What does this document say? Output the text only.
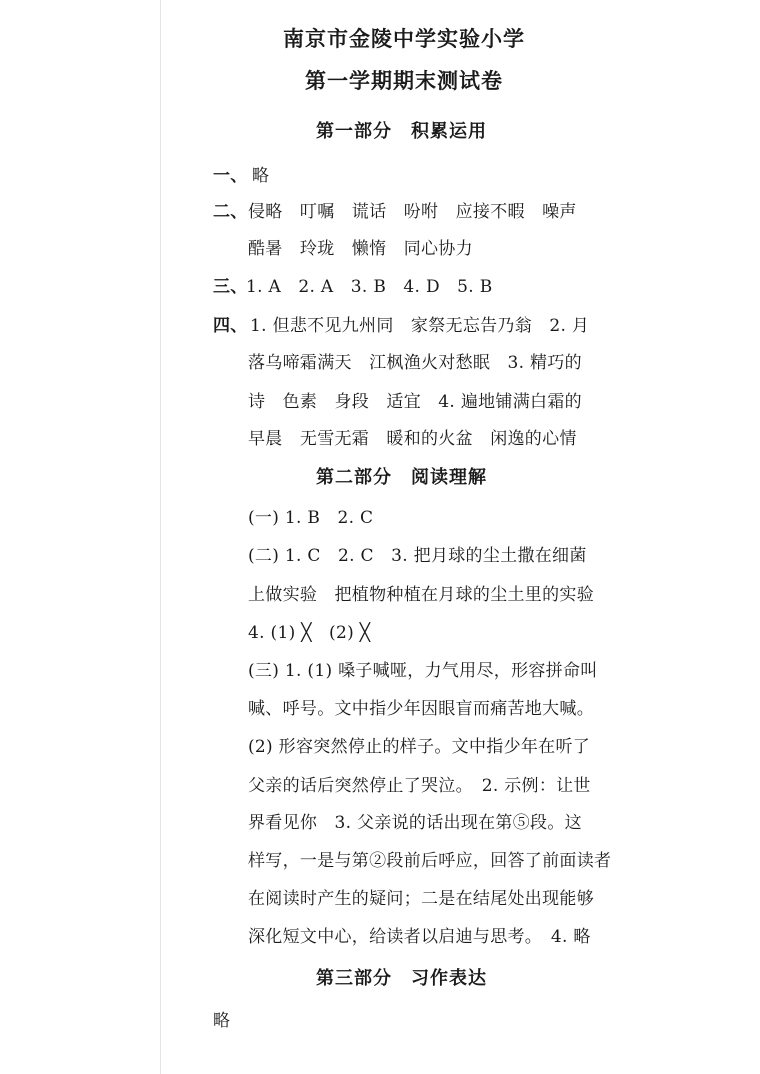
南京市金陵中学实验小学
第一学期期末测试卷
第一部分　积累运用
一、 略
二、 侵略　叮嘱　谎话　吩咐　应接不暇　噪声
酷暑　玲珑　懒惰　同心协力
三、
1. A　2. A　3. B　4. D　5. B
四、 1. 但悲不见九州同　家祭无忘告乃翁　2. 月
落乌啼霜满天　江枫渔火对愁眠　3. 精巧的
诗　色素　身段　适宜　4. 遍地铺满白霜的
早晨　无雪无霜　暖和的火盆　闲逸的心情
第二部分　阅读理解
(一) 1. B　2. C
(二) 1. C　2. C　3. 把月球的尘土撒在细菌
上做实验　把植物种植在月球的尘土里的实验
4. (1) ╳　(2) ╳
(三) 1. (1) 嗓子喊哑，力气用尽，形容拼命叫
喊、呼号。文中指少年因眼盲而痛苦地大喊。
(2) 形容突然停止的样子。文中指少年在听了
父亲的话后突然停止了哭泣。　2. 示例：让世
界看见你　3. 父亲说的话出现在第⑤段。这
样写，一是与第②段前后呼应，回答了前面读者
在阅读时产生的疑问；二是在结尾处出现能够
深化短文中心，给读者以启迪与思考。　4. 略
第三部分　习作表达
略
